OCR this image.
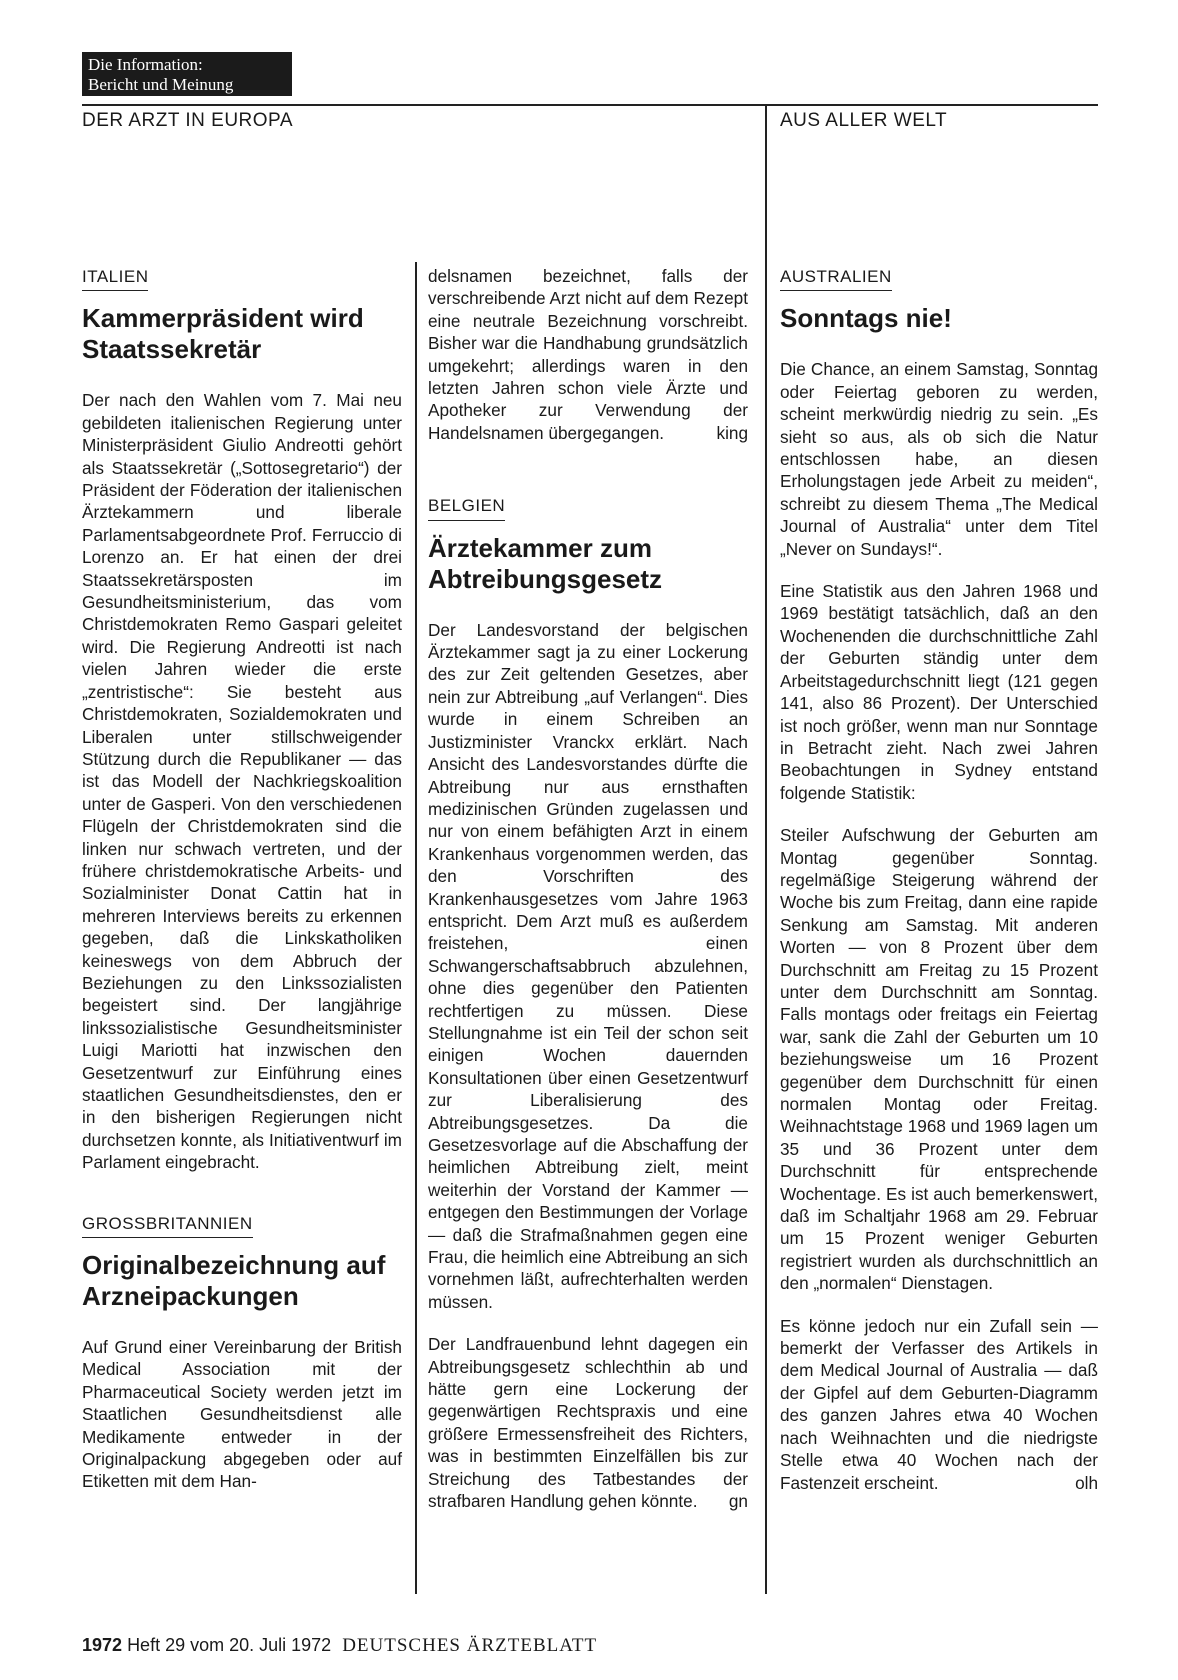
Die Information:
Bericht und Meinung
DER ARZT IN EUROPA	AUS ALLER WELT
ITALIEN
Kammerpräsident wird Staatssekretär

Der nach den Wahlen vom 7. Mai neu gebildeten italienischen Regierung unter Ministerpräsident Giulio Andreotti gehört als Staatssekretär („Sottosegretario“) der Präsident der Föderation der italienischen Ärztekammern und liberale Parlamentsabgeordnete Prof. Ferruccio di Lorenzo an. Er hat einen der drei Staatssekretärsposten im Gesundheitsministerium, das vom Christdemokraten Remo Gaspari geleitet wird. Die Regierung Andreotti ist nach vielen Jahren wieder die erste „zentristische“: Sie besteht aus Christdemokraten, Sozialdemokraten und Liberalen unter stillschweigender Stützung durch die Republikaner — das ist das Modell der Nachkriegskoalition unter de Gasperi. Von den verschiedenen Flügeln der Christdemokraten sind die linken nur schwach vertreten, und der frühere christdemokratische Arbeits- und Sozialminister Donat Cattin hat in mehreren Interviews bereits zu erkennen gegeben, daß die Linkskatholiken keineswegs von dem Abbruch der Beziehungen zu den Linkssozialisten begeistert sind. Der langjährige linkssozialistische Gesundheitsminister Luigi Mariotti hat inzwischen den Gesetzentwurf zur Einführung eines staatlichen Gesundheitsdienstes, den er in den bisherigen Regierungen nicht durchsetzen konnte, als Initiativentwurf im Parlament eingebracht.

GROSSBRITANNIEN
Originalbezeichnung auf Arzneipackungen

Auf Grund einer Vereinbarung der British Medical Association mit der Pharmaceutical Society werden jetzt im Staatlichen Gesundheitsdienst alle Medikamente entweder in der Originalpackung abgegeben oder auf Etiketten mit dem Han-

delsnamen bezeichnet, falls der verschreibende Arzt nicht auf dem Rezept eine neutrale Bezeichnung vorschreibt. Bisher war die Handhabung grundsätzlich umgekehrt; allerdings waren in den letzten Jahren schon viele Ärzte und Apotheker zur Verwendung der Handelsnamen übergegangen.	king

BELGIEN
Ärztekammer zum Abtreibungsgesetz

Der Landesvorstand der belgischen Ärztekammer sagt ja zu einer Lockerung des zur Zeit geltenden Gesetzes, aber nein zur Abtreibung „auf Verlangen“. Dies wurde in einem Schreiben an Justizminister Vranckx erklärt. Nach Ansicht des Landesvorstandes dürfte die Abtreibung nur aus ernsthaften medizinischen Gründen zugelassen und nur von einem befähigten Arzt in einem Krankenhaus vorgenommen werden, das den Vorschriften des Krankenhausgesetzes vom Jahre 1963 entspricht. Dem Arzt muß es außerdem freistehen, einen Schwangerschaftsabbruch abzulehnen, ohne dies gegenüber den Patienten rechtfertigen zu müssen. Diese Stellungnahme ist ein Teil der schon seit einigen Wochen dauernden Konsultationen über einen Gesetzentwurf zur Liberalisierung des Abtreibungsgesetzes. Da die Gesetzesvorlage auf die Abschaffung der heimlichen Abtreibung zielt, meint weiterhin der Vorstand der Kammer — entgegen den Bestimmungen der Vorlage — daß die Strafmaßnahmen gegen eine Frau, die heimlich eine Abtreibung an sich vornehmen läßt, aufrechterhalten werden müssen.

Der Landfrauenbund lehnt dagegen ein Abtreibungsgesetz schlechthin ab und hätte gern eine Lockerung der gegenwärtigen Rechtspraxis und eine größere Ermessensfreiheit des Richters, was in bestimmten Einzelfällen bis zur Streichung des Tatbestandes der strafbaren Handlung gehen könnte. gn

AUSTRALIEN
Sonntags nie!

Die Chance, an einem Samstag, Sonntag oder Feiertag geboren zu werden, scheint merkwürdig niedrig zu sein. „Es sieht so aus, als ob sich die Natur entschlossen habe, an diesen Erholungstagen jede Arbeit zu meiden“, schreibt zu diesem Thema „The Medical Journal of Australia“ unter dem Titel „Never on Sundays!“.

Eine Statistik aus den Jahren 1968 und 1969 bestätigt tatsächlich, daß an den Wochenenden die durchschnittliche Zahl der Geburten ständig unter dem Arbeitstagedurchschnitt liegt (121 gegen 141, also 86 Prozent). Der Unterschied ist noch größer, wenn man nur Sonntage in Betracht zieht. Nach zwei Jahren Beobachtungen in Sydney entstand folgende Statistik:

Steiler Aufschwung der Geburten am Montag gegenüber Sonntag. regelmäßige Steigerung während der Woche bis zum Freitag, dann eine rapide Senkung am Samstag. Mit anderen Worten — von 8 Prozent über dem Durchschnitt am Freitag zu 15 Prozent unter dem Durchschnitt am Sonntag. Falls montags oder freitags ein Feiertag war, sank die Zahl der Geburten um 10 beziehungsweise um 16 Prozent gegenüber dem Durchschnitt für einen normalen Montag oder Freitag. Weihnachtstage 1968 und 1969 lagen um 35 und 36 Prozent unter dem Durchschnitt für entsprechende Wochentage. Es ist auch bemerkenswert, daß im Schaltjahr 1968 am 29. Februar um 15 Prozent weniger Geburten registriert wurden als durchschnittlich an den „normalen“ Dienstagen.

Es könne jedoch nur ein Zufall sein — bemerkt der Verfasser des Artikels in dem Medical Journal of Australia — daß der Gipfel auf dem Geburten-Diagramm des ganzen Jahres etwa 40 Wochen nach Weihnachten und die niedrigste Stelle etwa 40 Wochen nach der Fastenzeit erscheint.	olh

1972 Heft 29 vom 20. Juli 1972 DEUTSCHES ÄRZTEBLATT
